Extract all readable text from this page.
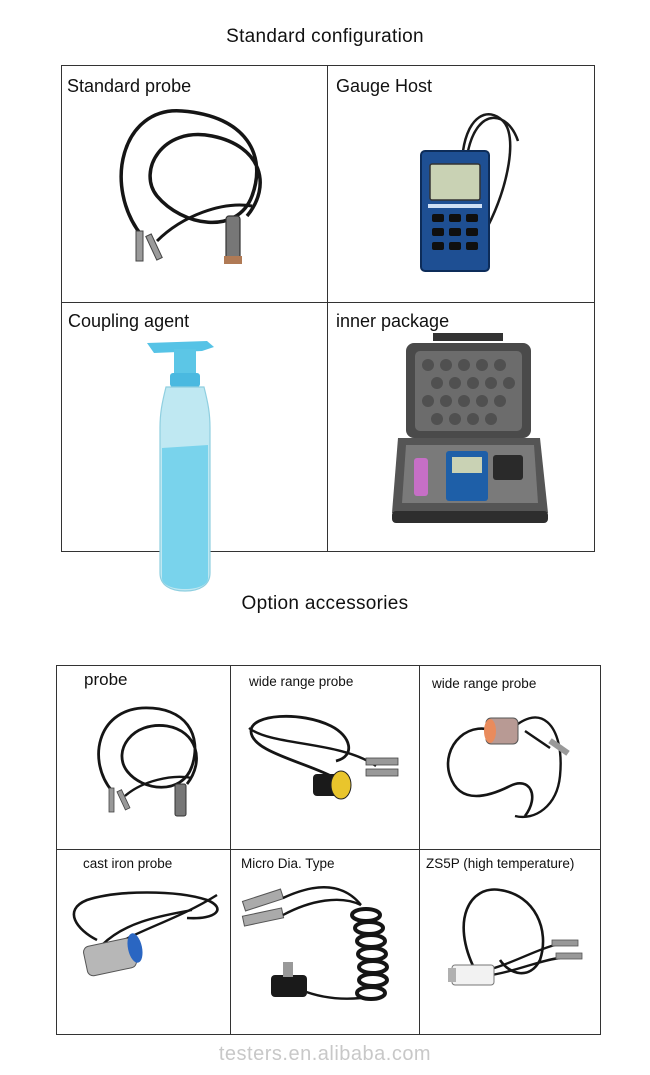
Standard configuration
Standard probe	Gauge Host
Coupling agent	inner package
Option accessories
probe	wide range probe	wide range probe
cast iron probe	Micro Dia. Type	ZS5P (high temperature)
testers.en.alibaba.com
